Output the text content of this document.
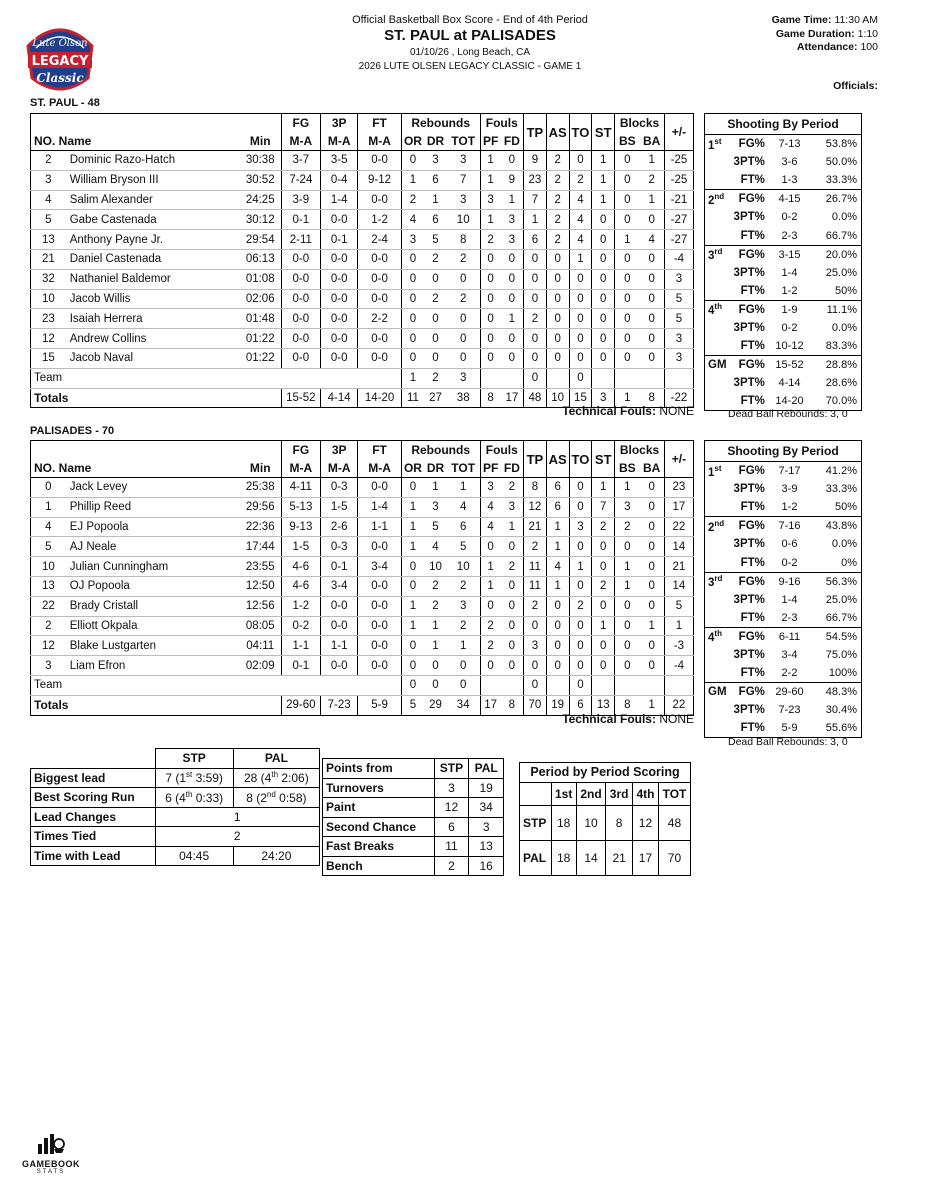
Lute Olson
LEGACY
Classic
Official Basketball Box Score - End of 4th Period
ST. PAUL at PALISADES
01/10/26 , Long Beach, CA
2026 LUTE OLSEN LEGACY CLASSIC - GAME 1
Game Time: 11:30 AM
Game Duration: 1:10
Attendance: 100
Officials:
ST. PAUL - 48
			FG	3P	FT	Rebounds			Fouls		TP	AS	TO	ST	Blocks		+/-
NO. Name		Min	M-A	M-A	M-A	OR	DR	TOT	PF	FD					BS	BA	
2	Dominic Razo-Hatch	30:38	3-7	3-5	0-0	0	3	3	1	0	9	2	0	1	0	1	-25
3	William Bryson III	30:52	7-24	0-4	9-12	1	6	7	1	9	23	2	2	1	0	2	-25
4	Salim Alexander	24:25	3-9	1-4	0-0	2	1	3	3	1	7	2	4	1	0	1	-21
5	Gabe Castenada	30:12	0-1	0-0	1-2	4	6	10	1	3	1	2	4	0	0	0	-27
13	Anthony Payne Jr.	29:54	2-11	0-1	2-4	3	5	8	2	3	6	2	4	0	1	4	-27
21	Daniel Castenada	06:13	0-0	0-0	0-0	0	2	2	0	0	0	0	1	0	0	0	-4
32	Nathaniel Baldemor	01:08	0-0	0-0	0-0	0	0	0	0	0	0	0	0	0	0	0	3
10	Jacob Willis	02:06	0-0	0-0	0-0	0	2	2	0	0	0	0	0	0	0	0	5
23	Isaiah Herrera	01:48	0-0	0-0	2-2	0	0	0	0	1	2	0	0	0	0	0	5
12	Andrew Collins	01:22	0-0	0-0	0-0	0	0	0	0	0	0	0	0	0	0	0	3
15	Jacob Naval	01:22	0-0	0-0	0-0	0	0	0	0	0	0	0	0	0	0	0	3
Team						1	2	3			0		0				
Totals			15-52	4-14	14-20	11	27	38	8	17	48	10	15	3	1	8	-22
Technical Fouls: NONE
Shooting By Period			
1st	FG%	7-13	53.8%
	3PT%	3-6	50.0%
	FT%	1-3	33.3%
2nd	FG%	4-15	26.7%
	3PT%	0-2	0.0%
	FT%	2-3	66.7%
3rd	FG%	3-15	20.0%
	3PT%	1-4	25.0%
	FT%	1-2	50%
4th	FG%	1-9	11.1%
	3PT%	0-2	0.0%
	FT%	10-12	83.3%
GM	FG%	15-52	28.8%
	3PT%	4-14	28.6%
	FT%	14-20	70.0%
Dead Ball Rebounds: 3, 0
PALISADES - 70
			FG	3P	FT	Rebounds			Fouls		TP	AS	TO	ST	Blocks		+/-
NO. Name		Min	M-A	M-A	M-A	OR	DR	TOT	PF	FD					BS	BA	
0	Jack Levey	25:38	4-11	0-3	0-0	0	1	1	3	2	8	6	0	1	1	0	23
1	Phillip Reed	29:56	5-13	1-5	1-4	1	3	4	4	3	12	6	0	7	3	0	17
4	EJ Popoola	22:36	9-13	2-6	1-1	1	5	6	4	1	21	1	3	2	2	0	22
5	AJ Neale	17:44	1-5	0-3	0-0	1	4	5	0	0	2	1	0	0	0	0	14
10	Julian Cunningham	23:55	4-6	0-1	3-4	0	10	10	1	2	11	4	1	0	1	0	21
13	OJ Popoola	12:50	4-6	3-4	0-0	0	2	2	1	0	11	1	0	2	1	0	14
22	Brady Cristall	12:56	1-2	0-0	0-0	1	2	3	0	0	2	0	2	0	0	0	5
2	Elliott Okpala	08:05	0-2	0-0	0-0	1	1	2	2	0	0	0	0	1	0	1	1
12	Blake Lustgarten	04:11	1-1	1-1	0-0	0	1	1	2	0	3	0	0	0	0	0	-3
3	Liam Efron	02:09	0-1	0-0	0-0	0	0	0	0	0	0	0	0	0	0	0	-4
Team						0	0	0			0		0				
Totals			29-60	7-23	5-9	5	29	34	17	8	70	19	6	13	8	1	22
Technical Fouls: NONE
Shooting By Period			
1st	FG%	7-17	41.2%
	3PT%	3-9	33.3%
	FT%	1-2	50%
2nd	FG%	7-16	43.8%
	3PT%	0-6	0.0%
	FT%	0-2	0%
3rd	FG%	9-16	56.3%
	3PT%	1-4	25.0%
	FT%	2-3	66.7%
4th	FG%	6-11	54.5%
	3PT%	3-4	75.0%
	FT%	2-2	100%
GM	FG%	29-60	48.3%
	3PT%	7-23	30.4%
	FT%	5-9	55.6%
Dead Ball Rebounds: 3, 0
	STP	PAL
Biggest lead	7 (1st 3:59)	28 (4th 2:06)
Best Scoring Run	6 (4th 0:33)	8 (2nd 0:58)
Lead Changes	1	
Times Tied	2	
Time with Lead	04:45	24:20
Points from	STP	PAL
Turnovers	3	19
Paint	12	34
Second Chance	6	3
Fast Breaks	11	13
Bench	2	16
Period by Period Scoring					
	1st	2nd	3rd	4th	TOT
STP	18	10	8	12	48
PAL	18	14	21	17	70
GAMEBOOK
STATS
